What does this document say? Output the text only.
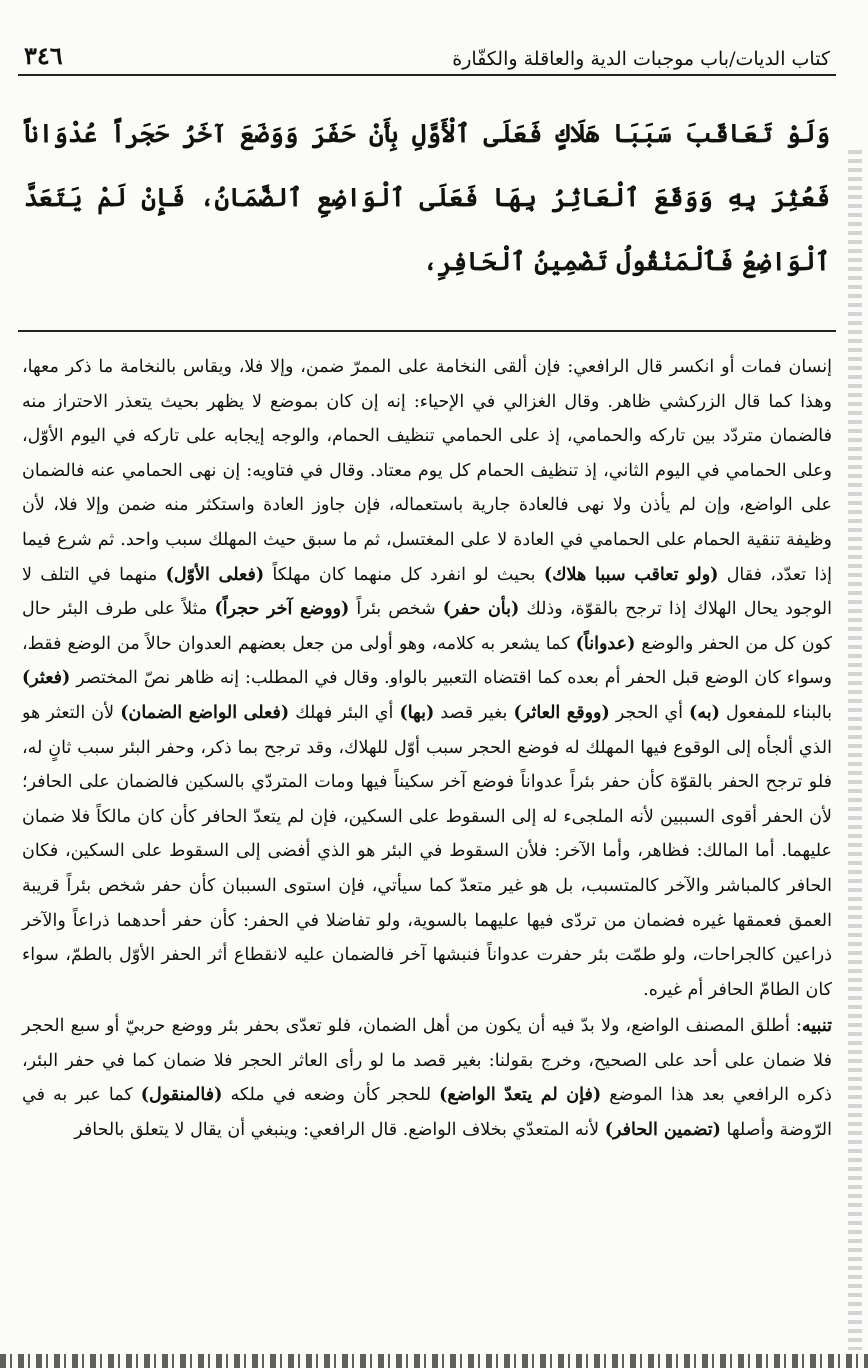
كتاب الديات/باب موجبات الدية والعاقلة والكفّارة
٣٤٦
وَلَوْ تَعَاقَبَ سَبَبَا هَلَاكٍ فَعَلَى ٱلْأَوَّلِ بِأَنْ حَفَرَ وَوَضَعَ آخَرُ حَجَراً عُدْوَاناً فَعُثِرَ بِهِ وَوَقَعَ ٱلْعَاثِرُ بِهَا فَعَلَى ٱلْوَاضِعِ ٱلضَّمَانُ، فَإِنْ لَمْ يَتَعَدَّ ٱلْوَاضِعُ فَٱلْمَنْقُولُ تَضْمِينُ ٱلْحَافِرِ،

إنسان فمات أو انكسر قال الرافعي: فإن ألقى النخامة على الممرّ ضمن، وإلا فلا، ويقاس بالنخامة ما ذكر معها، وهذا كما قال الزركشي ظاهر. وقال الغزالي في الإحياء: إنه إن كان بموضع لا يظهر بحيث يتعذر الاحتراز منه فالضمان متردّد بين تاركه والحمامي، إذ على الحمامي تنظيف الحمام، والوجه إيجابه على تاركه في اليوم الأوّل، وعلى الحمامي في اليوم الثاني، إذ تنظيف الحمام كل يوم معتاد. وقال في فتاويه: إن نهى الحمامي عنه فالضمان على الواضع، وإن لم يأذن ولا نهى فالعادة جارية باستعماله، فإن جاوز العادة واستكثر منه ضمن وإلا فلا، لأن وظيفة تنقية الحمام على الحمامي في العادة لا على المغتسل، ثم ما سبق حيث المهلك سبب واحد. ثم شرع فيما إذا تعدّد، فقال (ولو تعاقب سببا هلاك) بحيث لو انفرد كل منهما كان مهلكاً (فعلى الأوّل) منهما في التلف لا الوجود يحال الهلاك إذا ترجح بالقوّة، وذلك (بأن حفر) شخص بئراً (ووضع آخر حجراً) مثلاً على طرف البئر حال كون كل من الحفر والوضع (عدواناً) كما يشعر به كلامه، وهو أولى من جعل بعضهم العدوان حالاً من الوضع فقط، وسواء كان الوضع قبل الحفر أم بعده كما اقتضاه التعبير بالواو. وقال في المطلب: إنه ظاهر نصّ المختصر (فعثر) بالبناء للمفعول (به) أي الحجر (ووقع العاثر) بغير قصد (بها) أي البئر فهلك (فعلى الواضع الضمان) لأن التعثر هو الذي ألجأه إلى الوقوع فيها المهلك له فوضع الحجر سبب أوّل للهلاك، وقد ترجح بما ذكر، وحفر البئر سبب ثانٍ له، فلو ترجح الحفر بالقوّة كأن حفر بئراً عدواناً فوضع آخر سكيناً فيها ومات المتردّي بالسكين فالضمان على الحافر؛ لأن الحفر أقوى السببين لأنه الملجىء له إلى السقوط على السكين، فإن لم يتعدّ الحافر كأن كان مالكاً فلا ضمان عليهما. أما المالك: فظاهر، وأما الآخر: فلأن السقوط في البئر هو الذي أفضى إلى السقوط على السكين، فكان الحافر كالمباشر والآخر كالمتسبب، بل هو غير متعدّ كما سيأتي، فإن استوى السببان كأن حفر شخص بئراً قريبة العمق فعمقها غيره فضمان من تردّى فيها عليهما بالسوية، ولو تفاضلا في الحفر: كأن حفر أحدهما ذراعاً والآخر ذراعين كالجراحات، ولو طمّت بئر حفرت عدواناً فنبشها آخر فالضمان عليه لانقطاع أثر الحفر الأوّل بالطمّ، سواء كان الطامّ الحافر أم غيره.

تنبيه: أطلق المصنف الواضع، ولا بدّ فيه أن يكون من أهل الضمان، فلو تعدّى بحفر بئر ووضع حربيّ أو سبع الحجر فلا ضمان على أحد على الصحيح، وخرج بقولنا: بغير قصد ما لو رأى العاثر الحجر فلا ضمان كما في حفر البئر، ذكره الرافعي بعد هذا الموضع (فإن لم يتعدّ الواضع) للحجر كأن وضعه في ملكه (فالمنقول) كما عبر به في الرّوضة وأصلها (تضمين الحافر) لأنه المتعدّي بخلاف الواضع. قال الرافعي: وينبغي أن يقال لا يتعلق بالحافر
